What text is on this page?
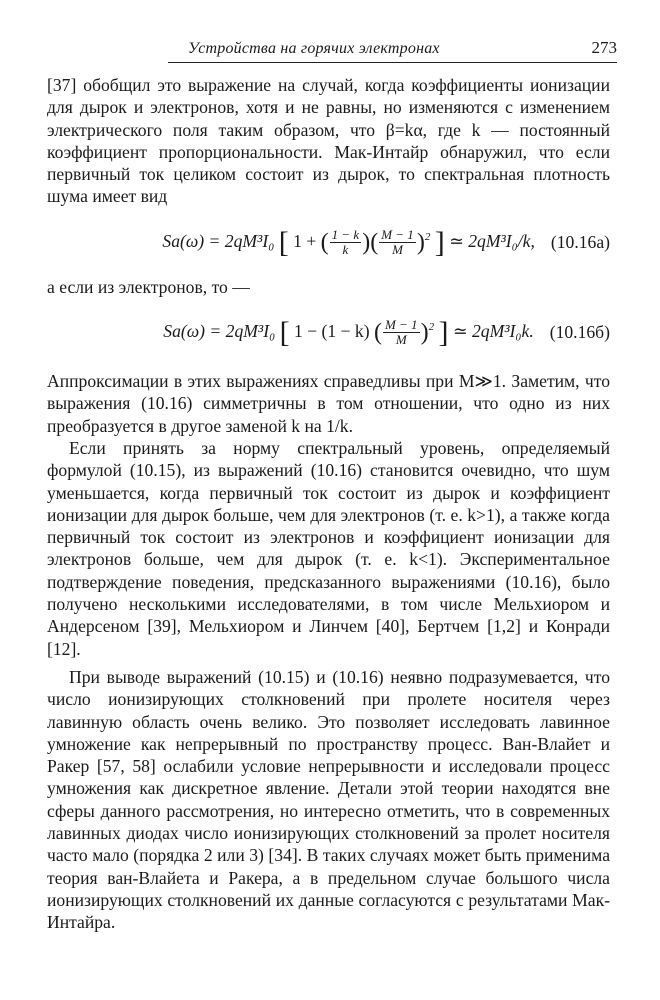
Устройства на горячих электронах	273

[37] обобщил это выражение на случай, когда коэффициенты ионизации для дырок и электронов, хотя и не равны, но изменяются с изменением электрического поля таким образом, что β=kα, где k — постоянный коэффициент пропорциональности. Мак-Интайр обнаружил, что если первичный ток целиком состоит из дырок, то спектральная плотность шума имеет вид

Sa(ω) = 2qM³I₀ [ 1 + ( $\frac{1 - k}{k}$ )( $\frac{M - 1}{M} )^2$ ] ≃ 2qM³I₀/k, (10.16а)

а если из электронов, то —

Sa(ω) = 2qM³I₀ [ 1 − (1 − k) ( $\frac{M - 1}{M} )^2$ ] ≃ 2qM³I₀k. (10.16б)

Аппроксимации в этих выражениях справедливы при M≫1. Заметим, что выражения (10.16) симметричны в том отношении, что одно из них преобразуется в другое заменой k на 1/k.

Если принять за норму спектральный уровень, определяемый формулой (10.15), из выражений (10.16) становится очевидно, что шум уменьшается, когда первичный ток состоит из дырок и коэффициент ионизации для дырок больше, чем для электронов (т. е. k>1), а также когда первичный ток состоит из электронов и коэффициент ионизации для электронов больше, чем для дырок (т. е. k<1). Экспериментальное подтверждение поведения, предсказанного выражениями (10.16), было получено несколькими исследователями, в том числе Мельхиором и Андерсеном [39], Мельхиором и Линчем [40], Бертчем [1,2] и Конради [12].

При выводе выражений (10.15) и (10.16) неявно подразумевается, что число ионизирующих столкновений при пролете носителя через лавинную область очень велико. Это позволяет исследовать лавинное умножение как непрерывный по пространству процесс. Ван-Влайет и Ракер [57, 58] ослабили условие непрерывности и исследовали процесс умножения как дискретное явление. Детали этой теории находятся вне сферы данного рассмотрения, но интересно отметить, что в современных лавинных диодах число ионизирующих столкновений за пролет носителя часто мало (порядка 2 или 3) [34]. В таких случаях может быть применима теория ван-Влайета и Ракера, а в предельном случае большого числа ионизирующих столкновений их данные согласуются с результатами Мак-Интайра.
